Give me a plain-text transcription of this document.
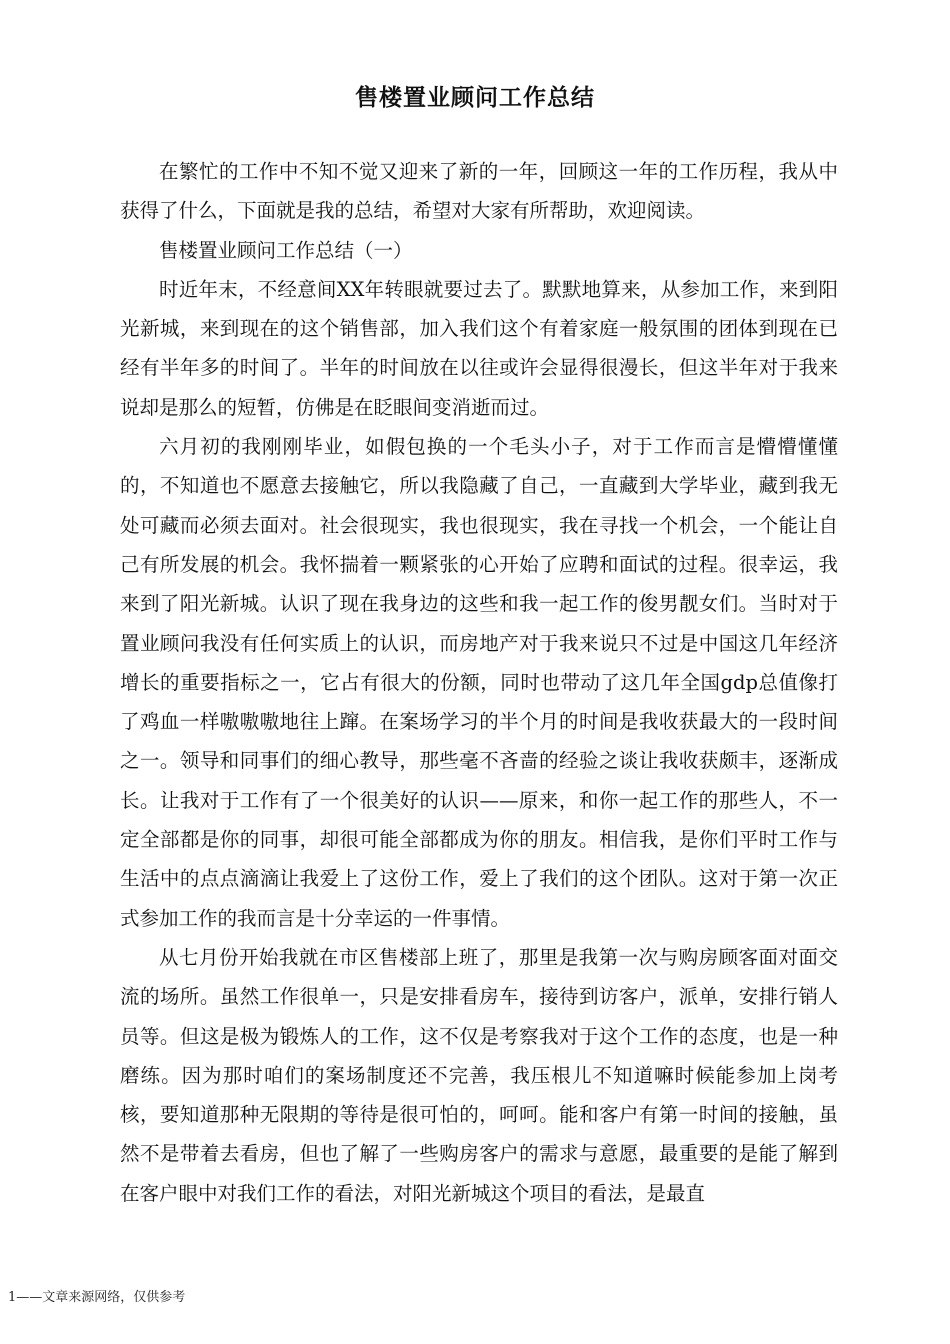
售楼置业顾问工作总结

在繁忙的工作中不知不觉又迎来了新的一年，回顾这一年的工作历程，我从中获得了什么，下面就是我的总结，希望对大家有所帮助，欢迎阅读。

售楼置业顾问工作总结（一）

时近年末，不经意间XX年转眼就要过去了。默默地算来，从参加工作，来到阳光新城，来到现在的这个销售部，加入我们这个有着家庭一般氛围的团体到现在已经有半年多的时间了。半年的时间放在以往或许会显得很漫长，但这半年对于我来说却是那么的短暂，仿佛是在眨眼间变消逝而过。

六月初的我刚刚毕业，如假包换的一个毛头小子，对于工作而言是懵懵懂懂的，不知道也不愿意去接触它，所以我隐藏了自己，一直藏到大学毕业，藏到我无处可藏而必须去面对。社会很现实，我也很现实，我在寻找一个机会，一个能让自己有所发展的机会。我怀揣着一颗紧张的心开始了应聘和面试的过程。很幸运，我来到了阳光新城。认识了现在我身边的这些和我一起工作的俊男靓女们。当时对于置业顾问我没有任何实质上的认识，而房地产对于我来说只不过是中国这几年经济增长的重要指标之一，它占有很大的份额，同时也带动了这几年全国gdp总值像打了鸡血一样嗷嗷嗷地往上蹿。在案场学习的半个月的时间是我收获最大的一段时间之一。领导和同事们的细心教导，那些毫不吝啬的经验之谈让我收获颇丰，逐渐成长。让我对于工作有了一个很美好的认识——原来，和你一起工作的那些人，不一定全部都是你的同事，却很可能全部都成为你的朋友。相信我，是你们平时工作与生活中的点点滴滴让我爱上了这份工作，爱上了我们的这个团队。这对于第一次正式参加工作的我而言是十分幸运的一件事情。

从七月份开始我就在市区售楼部上班了，那里是我第一次与购房顾客面对面交流的场所。虽然工作很单一，只是安排看房车，接待到访客户，派单，安排行销人员等。但这是极为锻炼人的工作，这不仅是考察我对于这个工作的态度，也是一种磨练。因为那时咱们的案场制度还不完善，我压根儿不知道嘛时候能参加上岗考核，要知道那种无限期的等待是很可怕的，呵呵。能和客户有第一时间的接触，虽然不是带着去看房，但也了解了一些购房客户的需求与意愿，最重要的是能了解到在客户眼中对我们工作的看法，对阳光新城这个项目的看法，是最直

1——文章来源网络，仅供参考
